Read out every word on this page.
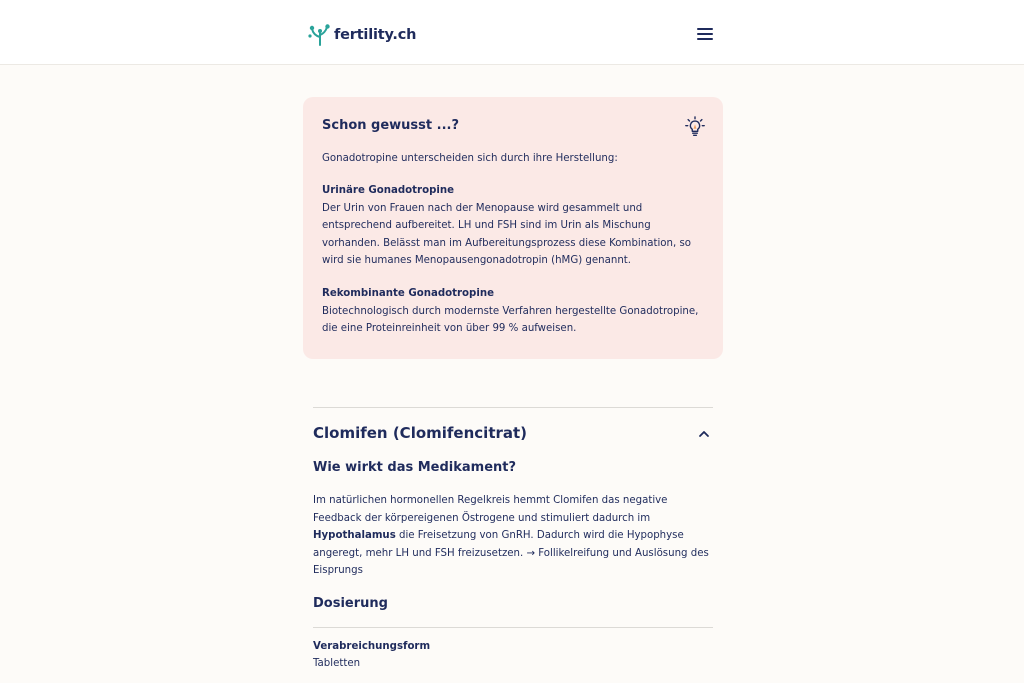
fertility.ch
Schon gewusst ...?
Gonadotropine unterscheiden sich durch ihre Herstellung:
Urinäre Gonadotropine
Der Urin von Frauen nach der Menopause wird gesammelt und entsprechend aufbereitet. LH und FSH sind im Urin als Mischung vorhanden. Belässt man im Aufbereitungsprozess diese Kombination, so wird sie humanes Menopausengonadotropin (hMG) genannt.
Rekombinante Gonadotropine
Biotechnologisch durch modernste Verfahren hergestellte Gonadotropine, die eine Proteinreinheit von über 99 % aufweisen.
Clomifen (Clomifencitrat)
Wie wirkt das Medikament?
Im natürlichen hormonellen Regelkreis hemmt Clomifen das negative Feedback der körpereigenen Östrogene und stimuliert dadurch im Hypothalamus die Freisetzung von GnRH. Dadurch wird die Hypophyse angeregt, mehr LH und FSH freizusetzen. → Follikelreifung und Auslösung des Eisprungs
Dosierung
Verabreichungsform
Tabletten
